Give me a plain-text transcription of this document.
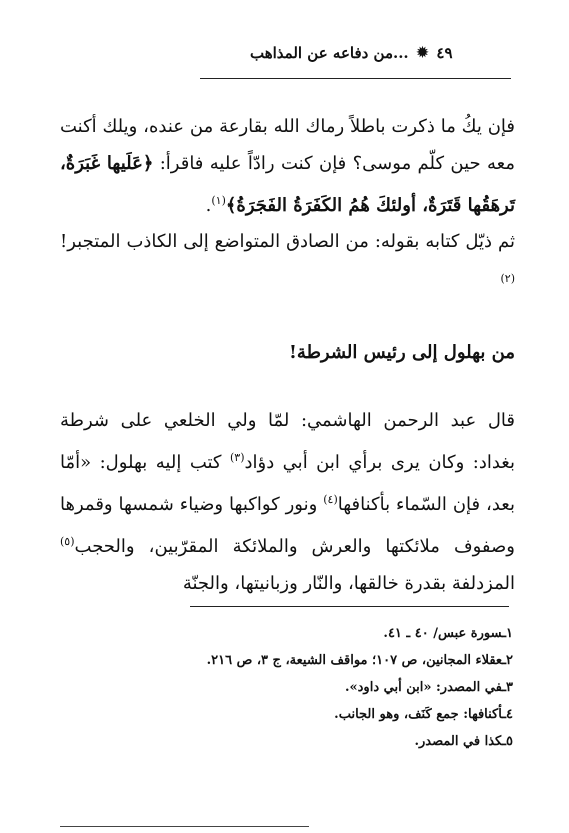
...من دفاعه عن المذاهب ✹ ٤٩
فإن يكُ ما ذكرت باطلاً رماك الله بقارعة من عنده، ويلك أكنت معه حين كلّم موسى؟ فإن كنت رادّاً عليه فاقرأ: ﴿عَلَيها غَبَرَةٌ، تَرهَقُها قَتَرَةٌ، أولئكَ هُمُ الكَفَرَةُ الفَجَرَةُ﴾$^{(١)}$.
ثم ذيّل كتابه بقوله: من الصادق المتواضع إلى الكاذب المتجبر!$^{(٢)}$
من بهلول إلى رئيس الشرطة!
قال عبد الرحمن الهاشمي: لمّا ولي الخلعي على شرطة بغداد: وكان يرى برأي ابن أبي دؤاد$^{(٣)}$ كتب إليه بهلول: «أمّا بعد، فإن السّماء بأكنافها$^{(٤)}$ ونور كواكبها وضياء شمسها وقمرها وصفوف ملائكتها والعرش والملائكة المقرّبين، والحجب$^{(٥)}$ المزدلفة بقدرة خالقها، والنّار وزبانيتها، والجنّة
١ـسورة عبس/ ٤٠ ـ ٤١.
٢ـعقلاء المجانين، ص ١٠٧؛ مواقف الشيعة، ج ٣، ص ٢١٦.
٣ـفي المصدر: «ابن أبي داود».
٤ـأكنافها: جمع كَنَف، وهو الجانب.
٥ـكذا في المصدر.
